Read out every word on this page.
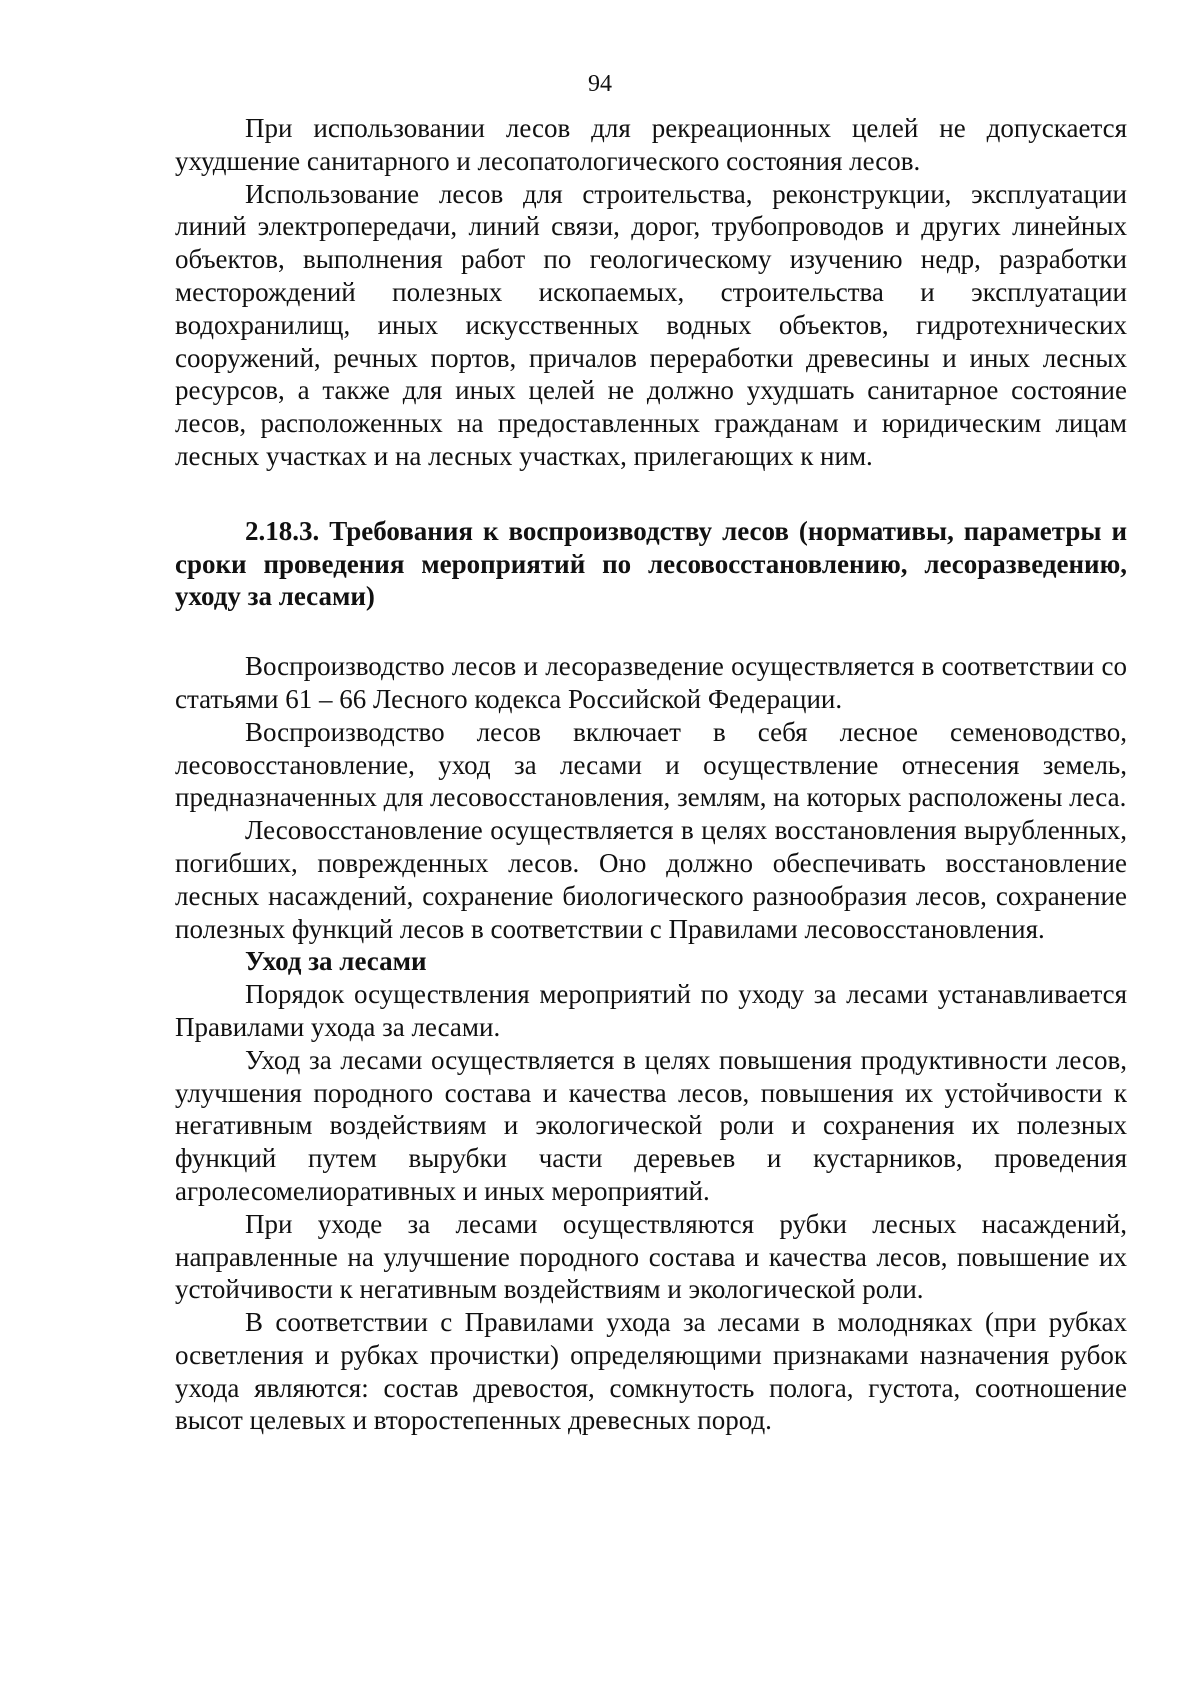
94

При использовании лесов для рекреационных целей не допускается ухудшение санитарного и лесопатологического состояния лесов.

Использование лесов для строительства, реконструкции, эксплуатации линий электропередачи, линий связи, дорог, трубопроводов и других линейных объектов, выполнения работ по геологическому изучению недр, разработки месторождений полезных ископаемых, строительства и эксплуатации водохранилищ, иных искусственных водных объектов, гидротехнических сооружений, речных портов, причалов переработки древесины и иных лесных ресурсов, а также для иных целей не должно ухудшать санитарное состояние лесов, расположенных на предоставленных гражданам и юридическим лицам лесных участках и на лесных участках, прилегающих к ним.

2.18.3. Требования к воспроизводству лесов (нормативы, параметры и сроки проведения мероприятий по лесовосстановлению, лесоразведению, уходу за лесами)

Воспроизводство лесов и лесоразведение осуществляется в соответствии со статьями 61 – 66 Лесного кодекса Российской Федерации.

Воспроизводство лесов включает в себя лесное семеноводство, лесовосстановление, уход за лесами и осуществление отнесения земель, предназначенных для лесовосстановления, землям, на которых расположены леса.

Лесовосстановление осуществляется в целях восстановления вырубленных, погибших, поврежденных лесов. Оно должно обеспечивать восстановление лесных насаждений, сохранение биологического разнообразия лесов, сохранение полезных функций лесов в соответствии с Правилами лесовосстановления.

Уход за лесами

Порядок осуществления мероприятий по уходу за лесами устанавливается Правилами ухода за лесами.

Уход за лесами осуществляется в целях повышения продуктивности лесов, улучшения породного состава и качества лесов, повышения их устойчивости к негативным воздействиям и экологической роли и сохранения их полезных функций путем вырубки части деревьев и кустарников, проведения агролесомелиоративных и иных мероприятий.

При уходе за лесами осуществляются рубки лесных насаждений, направленные на улучшение породного состава и качества лесов, повышение их устойчивости к негативным воздействиям и экологической роли.

В соответствии с Правилами ухода за лесами в молодняках (при рубках осветления и рубках прочистки) определяющими признаками назначения рубок ухода являются: состав древостоя, сомкнутость полога, густота, соотношение высот целевых и второстепенных древесных пород.
